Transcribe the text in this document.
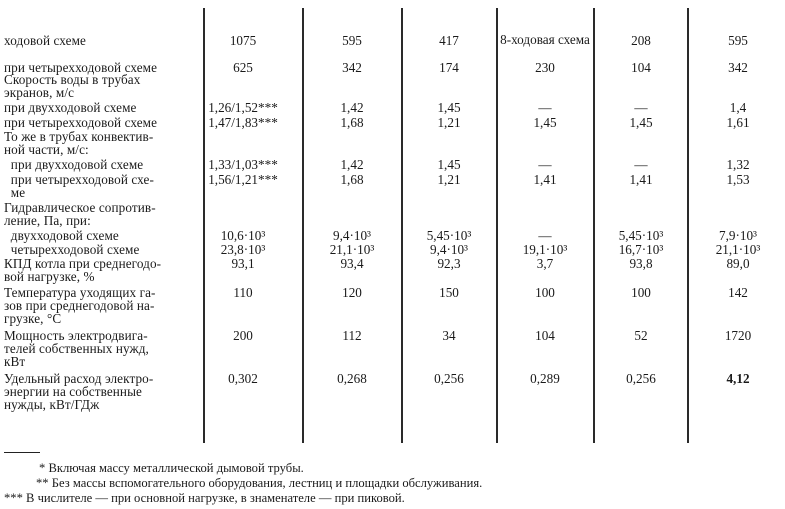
ходовой схеме	1075	595	417	8-ходовая схема	208	595
при четырехходовой схеме	625	342	174	230	104	342
Скорость воды в трубах
экранов, м/с
при двухходовой схеме	1,26/1,52***	1,42	1,45	—	—	1,4
при четырехходовой схеме	1,47/1,83***	1,68	1,21	1,45	1,45	1,61
То же в трубах конвектив-
ной части, м/с:
при двухходовой схеме	1,33/1,03***	1,42	1,45	—	—	1,32
при четырехходовой схе-
ме
1,56/1,21***	1,68	1,21	1,41	1,41	1,53
Гидравлическое сопротив-
ление, Па, при:
двухходовой схеме	10,6·10³	9,4·10³	5,45·10³	—	5,45·10³	7,9·10³
четырехходовой схеме	23,8·10³	21,1·10³	9,4·10³	19,1·10³	16,7·10³	21,1·10³
КПД котла при среднегодо-
вой нагрузке, %
93,1	93,4	92,3	3,7	93,8	89,0
Температура уходящих га-
зов при среднегодовой на-
грузке, °С
110	120	150	100	100	142
Мощность электродвига-
телей собственных нужд,
кВт
200	112	34	104	52	1720
Удельный расход электро-
энергии на собственные
нужды, кВт/ГДж
0,302	0,268	0,256	0,289	0,256	4,12
* Включая массу металлической дымовой трубы.
** Без массы вспомогательного оборудования, лестниц и площадки обслуживания.
*** В числителе — при основной нагрузке, в знаменателе — при пиковой.
